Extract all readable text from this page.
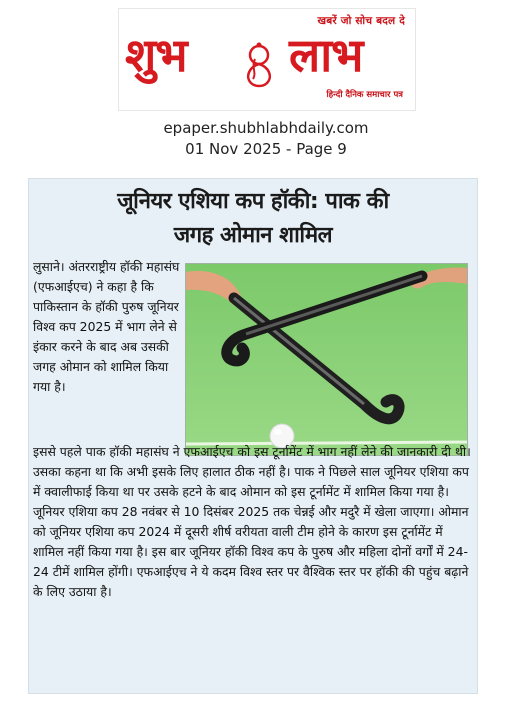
खबरें जो सोच बदल दे
शुभ लाभ
हिन्दी दैनिक समाचार पत्र
epaper.shubhlabhdaily.com
01 Nov 2025 - Page 9
जूनियर एशिया कप हॉकी: पाक की
जगह ओमान शामिल
लुसाने। अंतरराष्ट्रीय हॉकी महासंघ (एफआईएच) ने कहा है कि पाकिस्तान के हॉकी पुरुष जूनियर विश्व कप 2025 में भाग लेने से इंकार करने के बाद अब उसकी जगह ओमान को शामिल किया गया है।
इससे पहले पाक हॉकी महासंघ ने एफआईएच को इस टूर्नामेंट में भाग नहीं लेने की जानकारी दी थी। उसका कहना था कि अभी इसके लिए हालात ठीक नहीं है। पाक ने पिछले साल जूनियर एशिया कप में क्वालीफाई किया था पर उसके हटने के बाद ओमान को इस टूर्नामेंट में शामिल किया गया है।जूनियर एशिया कप 28 नवंबर से 10 दिसंबर 2025 तक चेन्नई और मदुरै में खेला जाएगा। ओमान को जूनियर एशिया कप 2024 में दूसरी शीर्ष वरीयता वाली टीम होने के कारण इस टूर्नामेंट में शामिल नहीं किया गया है। इस बार जूनियर हॉकी विश्व कप के पुरुष और महिला दोनों वर्गों में 24-24 टीमें शामिल होंगी। एफआईएच ने ये कदम विश्व स्तर पर वैश्विक स्तर पर हॉकी की पहुंच बढ़ाने के लिए उठाया है।
